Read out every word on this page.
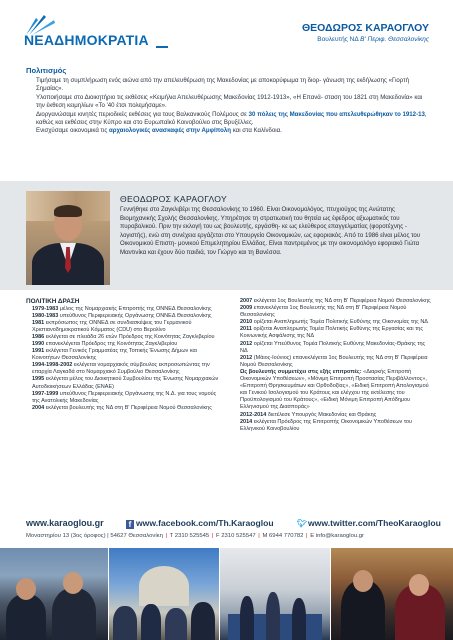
ΝΕΑΔΗΜΟΚΡΑΤΙΑ
ΘΕΟΔΩΡΟΣ ΚΑΡΑΟΓΛΟΥ
Βουλευτής ΝΔ Β' Περιφ. Θεσσαλονίκης
Πολιτισμός

Τιμήσαμε τη συμπλήρωση ενός αιώνα από την απελευθέρωση της Μακεδονίας με αποκορύφωμα τη διορ- γάνωση της εκδήλωσης «Γιορτή Σημαίας».

Υλοποιήσαμε στο Διοικητήριο τις εκθέσεις «Κειμήλια Απελευθέρωσης Μακεδονίας 1912-1913», «Η Επανά- σταση του 1821 στη Μακεδονία» και την έκθεση κειμηλίων «Το '40 έτσι πολεμήσαμε».

Διοργανώσαμε κινητές περιοδικές εκθέσεις για τους Βαλκανικούς Πολέμους σε 30 πόλεις της Μακεδονίας που απελευθερώθηκαν το 1912-13, καθώς και εκθέσεις στην Κύπρο και στο Ευρωπαϊκό Κοινοβούλιο στις Βρυξέλλες.

Ενισχύσαμε οικονομικά τις αρχαιολογικές ανασκαφές στην Αμφίπολη και στα Καλίνδοια.

ΘΕΟΔΩΡΟΣ ΚΑΡΑΟΓΛΟΥ
Γεννήθηκε στο Ζαγκλιβέρι της Θεσσαλονίκης το 1960. Είναι Οικονομολόγος, πτυχιούχος της Ανώτατης Βιομηχανικής Σχολής Θεσσαλονίκης. Υπηρέτησε τη στρατιωτική του θητεία ως έφεδρος αξιωματικός του πυροβολικού. Πριν την εκλογή του ως βουλευτής, εργάσθη- κε ως ελεύθερος επαγγελματίας (φοροτέχνης - λογιστής), ενώ στη συνέχεια εργάζεται στο Υπουργείο Οικονομικών, ως εφοριακός. Από το 1986 είναι μέλος του Οικονομικού Επιστη- μονικού Επιμελητηρίου Ελλάδας. Είναι παντρεμένος με την οικονομολόγο εφοριακό Γιώτα Μαντινίκα και έχουν δύο παιδιά, τον Γιώργο και τη Βανέσσα.
ΠΟΛΙΤΙΚΗ ΔΡΑΣΗ
1979-1983 μέλος της Νομαρχιακής Επιτροπής της ΟΝΝΕΔ Θεσσαλονίκης
1980-1983 υπεύθυνος Περιφερειακής Οργάνωσης ΟΝΝΕΔ Θεσσαλονίκης
1981 εκπρόσωπος της ΟΝΝΕΔ σε συνδιασκέψεις του Γερμανικού Χριστιανοδημοκρατικού Κόμματος (CDU) στο Βερολίνο
1986 εκλέγεται σε πλειάδα 26 ετών Πρόεδρος της Κοινότητας Ζαγκλιβερίου
1990 επανεκλέγεται Πρόεδρος της Κοινότητας Ζαγκλιβερίου
1991 εκλέγεται Γενικός Γραμματέας της Τοπικής Ένωσης Δήμων και Κοινοτήτων Θεσσαλονίκης
1994-1998-2002 εκλέγεται νομαρχιακός σύμβουλος εκπροσωπώντας την επαρχία Λαγκαδά στο Νομαρχιακό Συμβούλιο Θεσσαλονίκης
1995 εκλέγεται μέλος του Διοικητικού Συμβουλίου της Ένωσης Νομαρχιακών Αυτοδιοικήσεων Ελλάδας (ΕΝΑΕ)
1997-1999 υπεύθυνος Περιφερειακής Οργάνωσης της Ν.Δ. για τους νομούς της Ανατολικής Μακεδονίας
2004 εκλέγεται βουλευτής της ΝΔ στη Β' Περιφέρεια Νομού Θεσσαλονίκης
2007 εκλέγεται 1ος Βουλευτής της ΝΔ στη Β' Περιφέρεια Νομού Θεσσαλονίκης
2009 επανεκλέγεται 1ος Βουλευτής της ΝΔ στη Β' Περιφέρεια Νομού Θεσσαλονίκης
2010 ορίζεται Αναπληρωτής Τομέα Πολιτικής Ευθύνης της Οικονομίας της ΝΔ
2011 ορίζεται Αναπληρωτής Τομέα Πολιτικής Ευθύνης της Εργασίας και της Κοινωνικής Ασφάλισης της ΝΔ
2012 ορίζεται Υπεύθυνος Τομέα Πολιτικής Ευθύνης Μακεδονίας-Θράκης της ΝΔ
2012 (Μάιος-Ιούνιος) επανεκλέγεται 1ος Βουλευτής της ΝΔ στη Β' Περιφέρεια Νομού Θεσσαλονίκης
Ως βουλευτής συμμετέχει στις εξής επιτροπές: «Διαρκής Επιτροπή Οικονομικών Υποθέσεων», «Μόνιμη Επιτροπή Προστασίας Περιβάλλοντος», «Επιτροπή Θρησκευμάτων και Ορθοδοξίας», «Ειδική Επιτροπή Απολογισμού και Γενικού Ισολογισμού του Κράτους και ελέγχου της εκτέλεσης του Προϋπολογισμού του Κράτους», «Ειδική Μόνιμη Επιτροπή Απόδημου Ελληνισμού της Διασποράς»
2012-2014 διετέλεσε Υπουργός Μακεδονίας και Θράκης
2014 εκλέγεται Πρόεδρος της Επιτροπής Οικονομικών Υποθέσεων του Ελληνικού Κοινοβουλίου
www.karaoglou.gr	f www.facebook.com/Th.Karaoglou	🐦︎www.twitter.com/TheoKaraoglou
Μοναστηρίου 13 (3ος όροφος) | 54627 Θεσσαλονίκη | T 2310 525545 | F 2310 525547 | M 6944 770782 | E info@karaoglou.gr
